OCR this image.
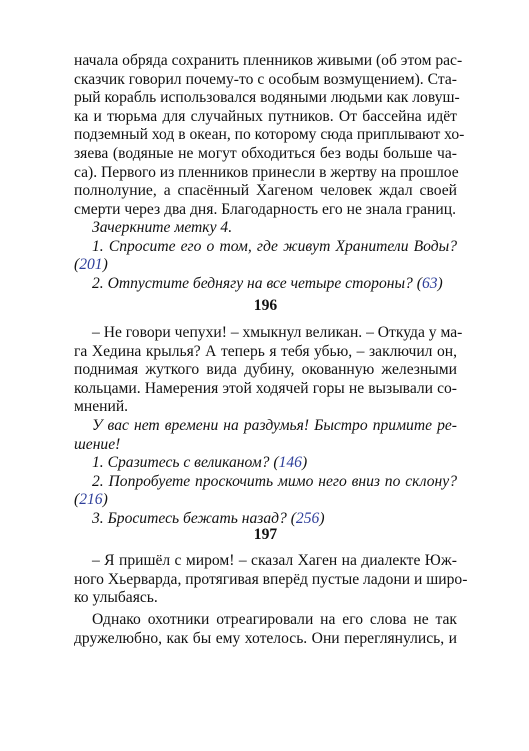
начала обряда сохранить пленников живыми (об этом рас-
сказчик говорил почему-то с особым возмущением). Ста-
рый корабль использовался водяными людьми как ловуш-
ка и тюрьма для случайных путников. От бассейна идёт
подземный ход в океан, по которому сюда приплывают хо-
зяева (водяные не могут обходиться без воды больше ча-
са). Первого из пленников принесли в жертву на прошлое
полнолуние, а спасённый Хагеном человек ждал своей
смерти через два дня. Благодарность его не знала границ.
Зачеркните метку 4.
1. Спросите его о том, где живут Хранители Воды?
(201)
2. Отпустите беднягу на все четыре стороны? (63)
196
– Не говори чепухи! – хмыкнул великан. – Откуда у ма-
га Хедина крылья? А теперь я тебя убью, – заключил он,
поднимая жуткого вида дубину, окованную железными
кольцами. Намерения этой ходячей горы не вызывали со-
мнений.
У вас нет времени на раздумья! Быстро примите ре-
шение!
1. Сразитесь с великаном? (146)
2. Попробуете проскочить мимо него вниз по склону?
(216)
3. Броситесь бежать назад? (256)
197
– Я пришёл с миром! – сказал Хаген на диалекте Юж-
ного Хьерварда, протягивая вперёд пустые ладони и широ-
ко улыбаясь.
Однако охотники отреагировали на его слова не так
дружелюбно, как бы ему хотелось. Они переглянулись, и
